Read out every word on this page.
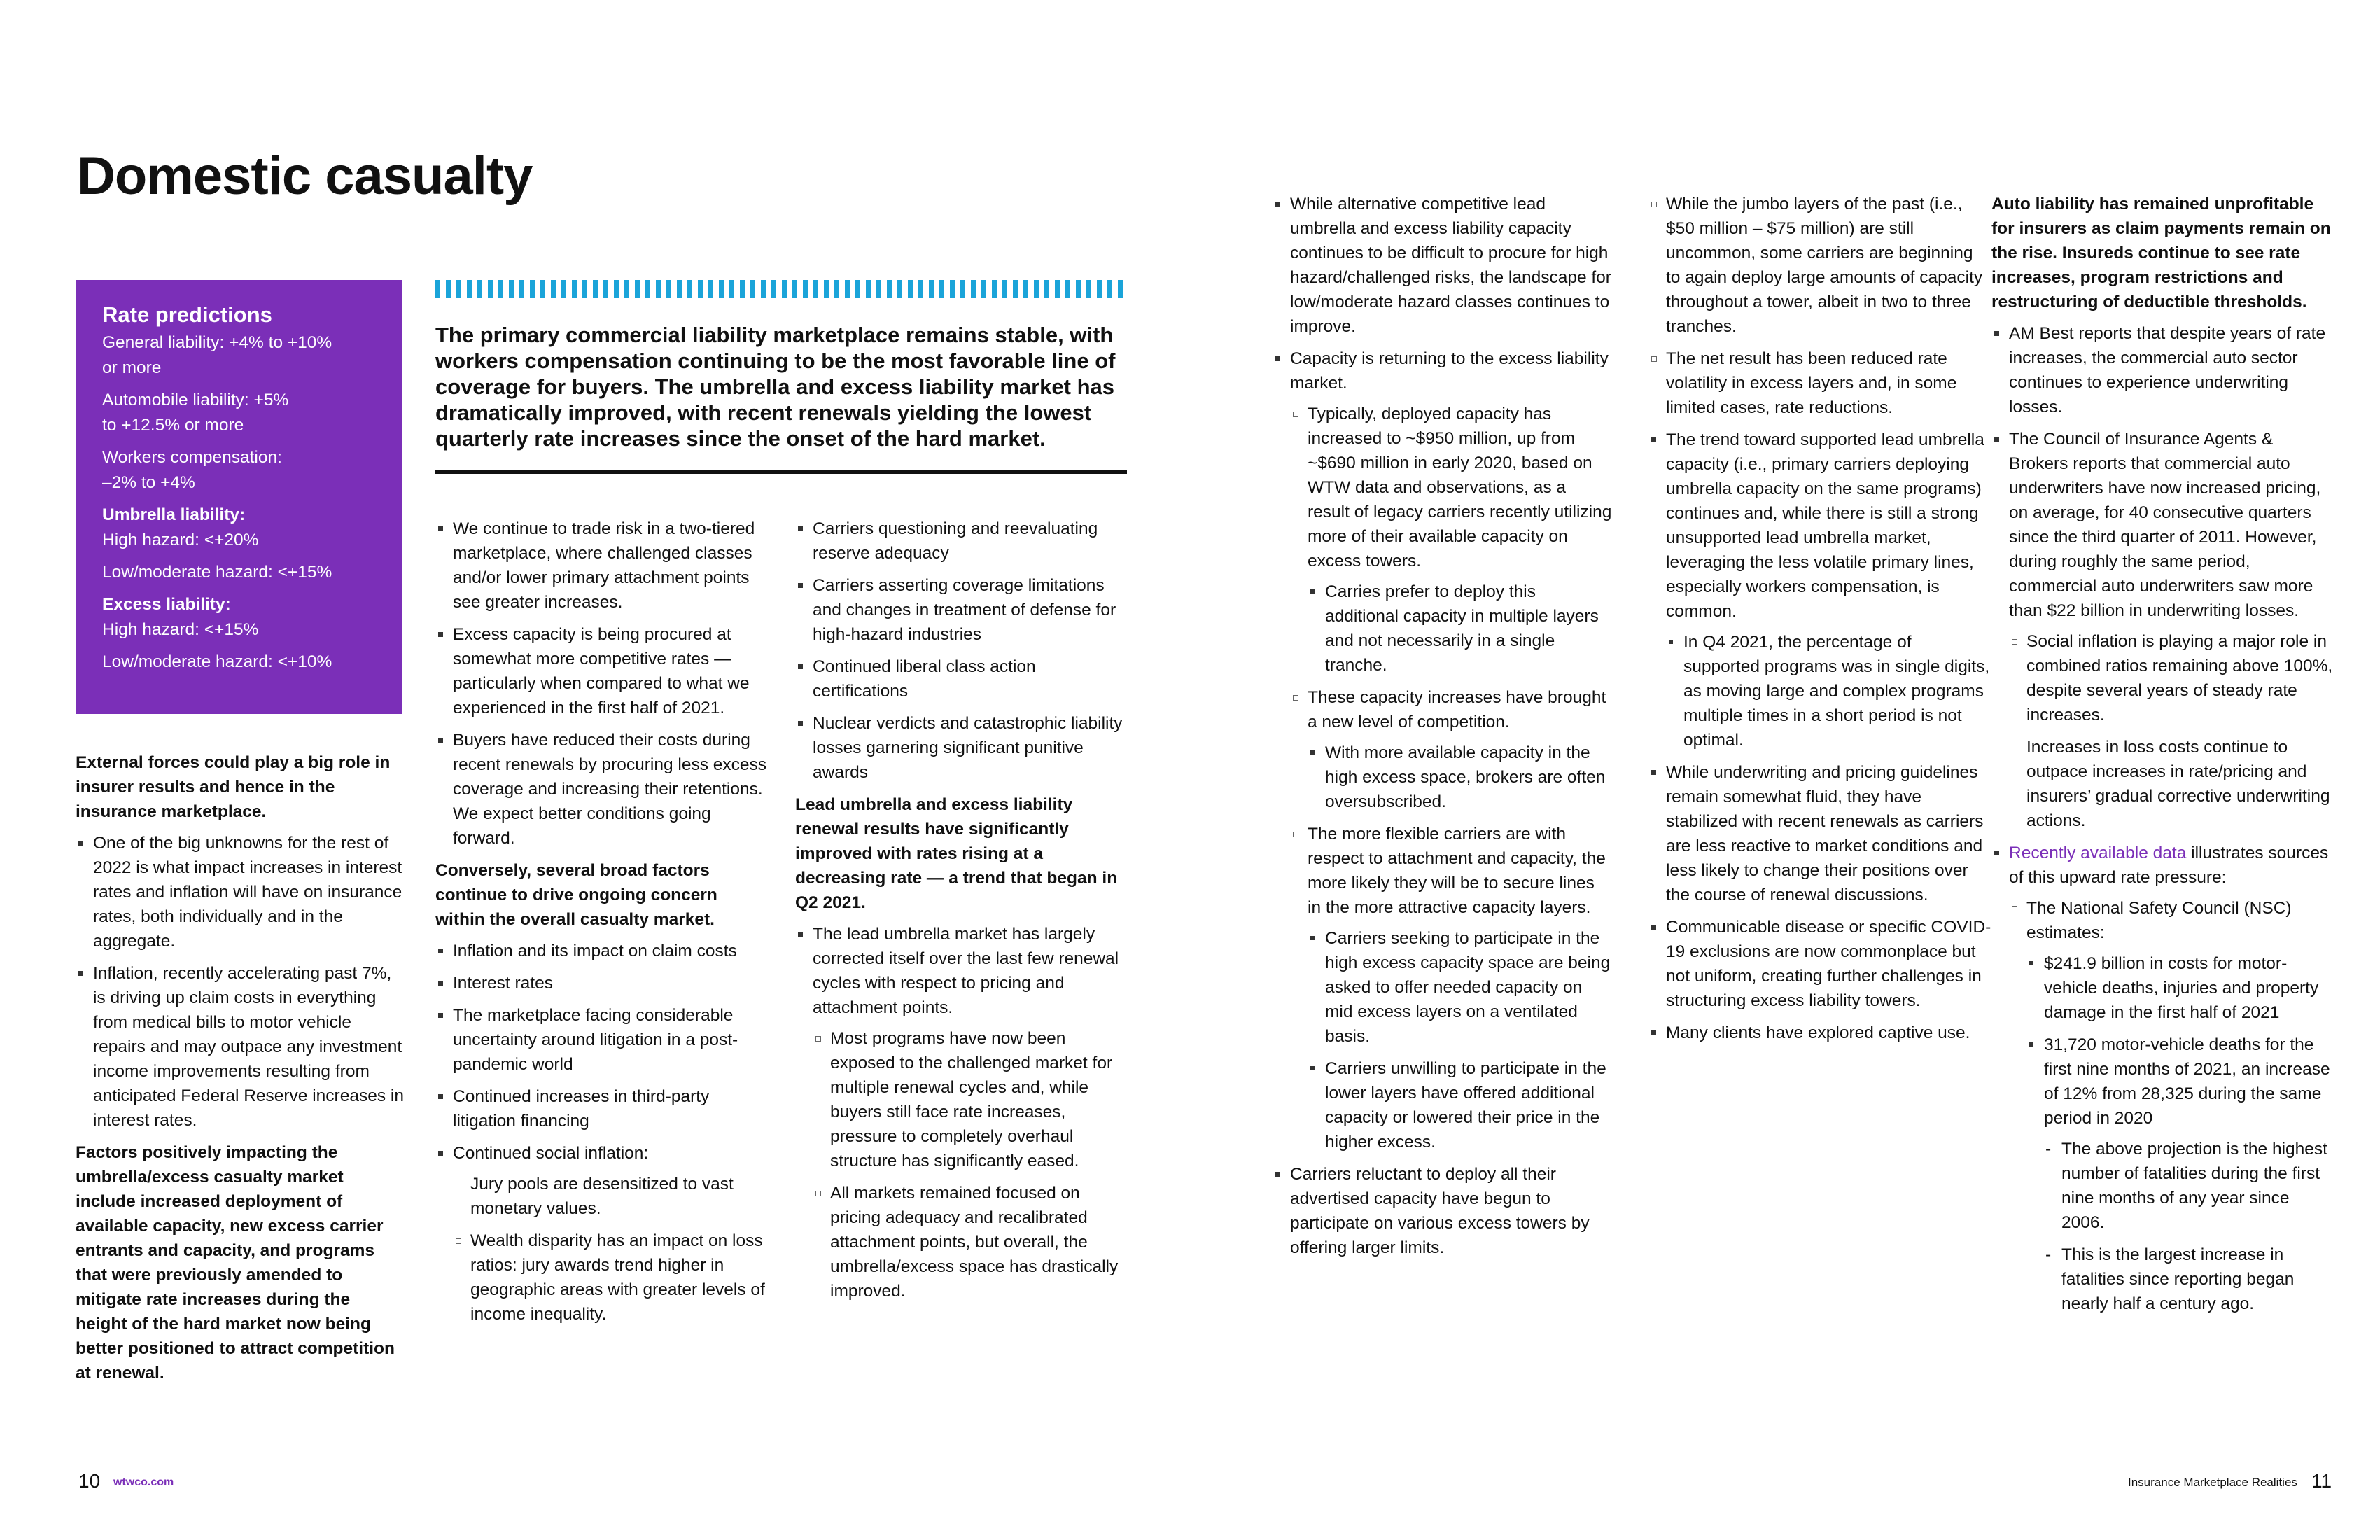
Domestic casualty
Rate predictions
General liability: +4% to +10%
or more
Automobile liability: +5%
to +12.5% or more
Workers compensation:
–2% to +4%
Umbrella liability:
High hazard: <+20%
Low/moderate hazard: <+15%
Excess liability:
High hazard: <+15%
Low/moderate hazard: <+10%

External forces could play a big role in insurer results and hence in the insurance marketplace.

One of the big unknowns for the rest of 2022 is what impact increases in interest rates and inflation will have on insurance rates, both individually and in the aggregate.
Inflation, recently accelerating past 7%, is driving up claim costs in everything from medical bills to motor vehicle repairs and may outpace any investment income improvements resulting from anticipated Federal Reserve increases in interest rates.

Factors positively impacting the umbrella/excess casualty market include increased deployment of available capacity, new excess carrier entrants and capacity, and programs that were previously amended to mitigate rate increases during the height of the hard market now being better positioned to attract competition at renewal.

The primary commercial liability marketplace remains stable, with workers compensation continuing to be the most favorable line of coverage for buyers. The umbrella and excess liability market has dramatically improved, with recent renewals yielding the lowest quarterly rate increases since the onset of the hard market.
We continue to trade risk in a two-tiered marketplace, where challenged classes and/or lower primary attachment points see greater increases.
Excess capacity is being procured at somewhat more competitive rates — particularly when compared to what we experienced in the first half of 2021.
Buyers have reduced their costs during recent renewals by procuring less excess coverage and increasing their retentions. We expect better conditions going forward.

Conversely, several broad factors continue to drive ongoing concern within the overall casualty market.

Inflation and its impact on claim costs
Interest rates
The marketplace facing considerable uncertainty around litigation in a post-pandemic world
Continued increases in third-party litigation financing
Continued social inflation:
Jury pools are desensitized to vast monetary values.
Wealth disparity has an impact on loss ratios: jury awards trend higher in geographic areas with greater levels of income inequality.
Carriers questioning and reevaluating reserve adequacy
Carriers asserting coverage limitations and changes in treatment of defense for high-hazard industries
Continued liberal class action certifications
Nuclear verdicts and catastrophic liability losses garnering significant punitive awards

Lead umbrella and excess liability renewal results have significantly improved with rates rising at a decreasing rate — a trend that began in Q2 2021.

The lead umbrella market has largely corrected itself over the last few renewal cycles with respect to pricing and attachment points.
Most programs have now been exposed to the challenged market for multiple renewal cycles and, while buyers still face rate increases, pressure to completely overhaul structure has significantly eased.
All markets remained focused on pricing adequacy and recalibrated attachment points, but overall, the umbrella/excess space has drastically improved.
While alternative competitive lead umbrella and excess liability capacity continues to be difficult to procure for high hazard/challenged risks, the landscape for low/moderate hazard classes continues to improve.
Capacity is returning to the excess liability market.
Typically, deployed capacity has increased to ~$950 million, up from ~$690 million in early 2020, based on WTW data and observations, as a result of legacy carriers recently utilizing more of their available capacity on excess towers.
Carries prefer to deploy this additional capacity in multiple layers and not necessarily in a single tranche.
These capacity increases have brought a new level of competition.
With more available capacity in the high excess space, brokers are often oversubscribed.
The more flexible carriers are with respect to attachment and capacity, the more likely they will be to secure lines in the more attractive capacity layers.
Carriers seeking to participate in the high excess capacity space are being asked to offer needed capacity on mid excess layers on a ventilated basis.
Carriers unwilling to participate in the lower layers have offered additional capacity or lowered their price in the higher excess.
Carriers reluctant to deploy all their advertised capacity have begun to participate on various excess towers by offering larger limits.
While the jumbo layers of the past (i.e., $50 million – $75 million) are still uncommon, some carriers are beginning to again deploy large amounts of capacity throughout a tower, albeit in two to three tranches.
The net result has been reduced rate volatility in excess layers and, in some limited cases, rate reductions.
The trend toward supported lead umbrella capacity (i.e., primary carriers deploying umbrella capacity on the same programs) continues and, while there is still a strong unsupported lead umbrella market, leveraging the less volatile primary lines, especially workers compensation, is common.
In Q4 2021, the percentage of supported programs was in single digits, as moving large and complex programs multiple times in a short period is not optimal.
While underwriting and pricing guidelines remain somewhat fluid, they have stabilized with recent renewals as carriers are less reactive to market conditions and less likely to change their positions over the course of renewal discussions.
Communicable disease or specific COVID-19 exclusions are now commonplace but not uniform, creating further challenges in structuring excess liability towers.
Many clients have explored captive use.

Auto liability has remained unprofitable for insurers as claim payments remain on the rise. Insureds continue to see rate increases, program restrictions and restructuring of deductible thresholds.

AM Best reports that despite years of rate increases, the commercial auto sector continues to experience underwriting losses.
The Council of Insurance Agents & Brokers reports that commercial auto underwriters have now increased pricing, on average, for 40 consecutive quarters since the third quarter of 2011. However, during roughly the same period, commercial auto underwriters saw more than $22 billion in underwriting losses.
Social inflation is playing a major role in combined ratios remaining above 100%, despite several years of steady rate increases.
Increases in loss costs continue to outpace increases in rate/pricing and insurers’ gradual corrective underwriting actions.
Recently available data illustrates sources of this upward rate pressure:
The National Safety Council (NSC) estimates:
$241.9 billion in costs for motor-vehicle deaths, injuries and property damage in the first half of 2021
31,720 motor-vehicle deaths for the first nine months of 2021, an increase of 12% from 28,325 during the same period in 2020
- The above projection is the highest number of fatalities during the first nine months of any year since 2006.
- This is the largest increase in fatalities since reporting began nearly half a century ago.
10 wtwco.com	Insurance Marketplace Realities 11
